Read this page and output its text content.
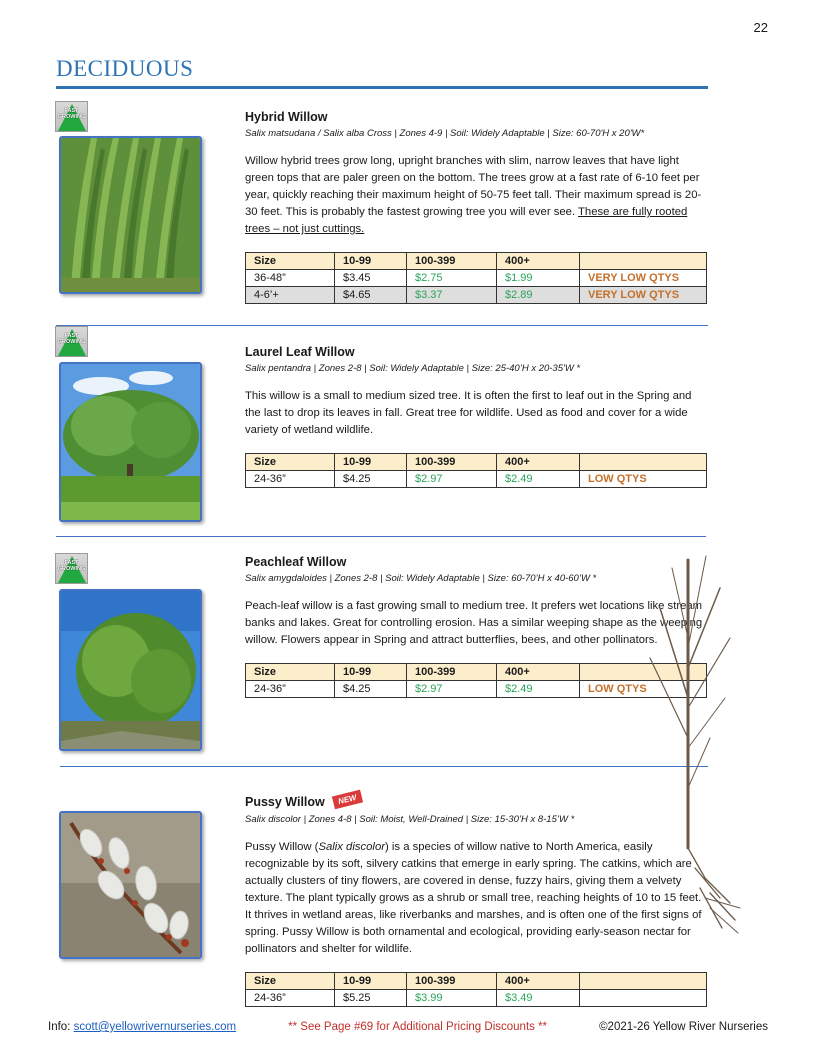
22
DECIDUOUS
FAST GROWING	Hybrid Willow
Salix matsudana / Salix alba Cross | Zones 4-9 | Soil: Widely Adaptable | Size: 60-70'H x 20'W*
Willow hybrid trees grow long, upright branches with slim, narrow leaves that have light green tops that are paler green on the bottom. The trees grow at a fast rate of 6-10 feet per year, quickly reaching their maximum height of 50-75 feet tall. Their maximum spread is 20-30 feet. This is probably the fastest growing tree you will ever see. These are fully rooted trees – not just cuttings.
Size	10-99	100-399	400+	
36-48”	$3.45	$2.75	$1.99	VERY LOW QTYS
4-6’+	$4.65	$3.37	$2.89	VERY LOW QTYS
FAST GROWING
Laurel Leaf Willow
Salix pentandra | Zones 2-8 | Soil: Widely Adaptable | Size: 25-40’H x 20-35'W *
This willow is a small to medium sized tree. It is often the first to leaf out in the Spring and the last to drop its leaves in fall. Great tree for wildlife. Used as food and cover for a wide variety of wetland wildlife.
Size	10-99	100-399	400+	
24-36”	$4.25	$2.97	$2.49	LOW QTYS
FAST GROWING	Peachleaf Willow
Salix amygdaloides | Zones 2-8 | Soil: Widely Adaptable | Size: 60-70’H x 40-60’W *
Peach-leaf willow is a fast growing small to medium tree. It prefers wet locations like stream banks and lakes. Great for controlling erosion. Has a similar weeping shape as the weeping willow. Flowers appear in Spring and attract butterflies, bees, and other pollinators.
Size	10-99	100-399	400+	
24-36”	$4.25	$2.97	$2.49	LOW QTYS
Pussy Willow NEW
Salix discolor | Zones 4-8 | Soil: Moist, Well-Drained | Size: 15-30’H x 8-15’W *
Pussy Willow (Salix discolor) is a species of willow native to North America, easily recognizable by its soft, silvery catkins that emerge in early spring. The catkins, which are actually clusters of tiny flowers, are covered in dense, fuzzy hairs, giving them a velvety texture. The plant typically grows as a shrub or small tree, reaching heights of 10 to 15 feet. It thrives in wetland areas, like riverbanks and marshes, and is often one of the first signs of spring. Pussy Willow is both ornamental and ecological, providing early-season nectar for pollinators and shelter for wildlife.
Size	10-99	100-399	400+	
24-36”	$5.25	$3.99	$3.49	
Info: scott@yellowrivernurseries.com	** See Page #69 for Additional Pricing Discounts **	©2021-26 Yellow River Nurseries
